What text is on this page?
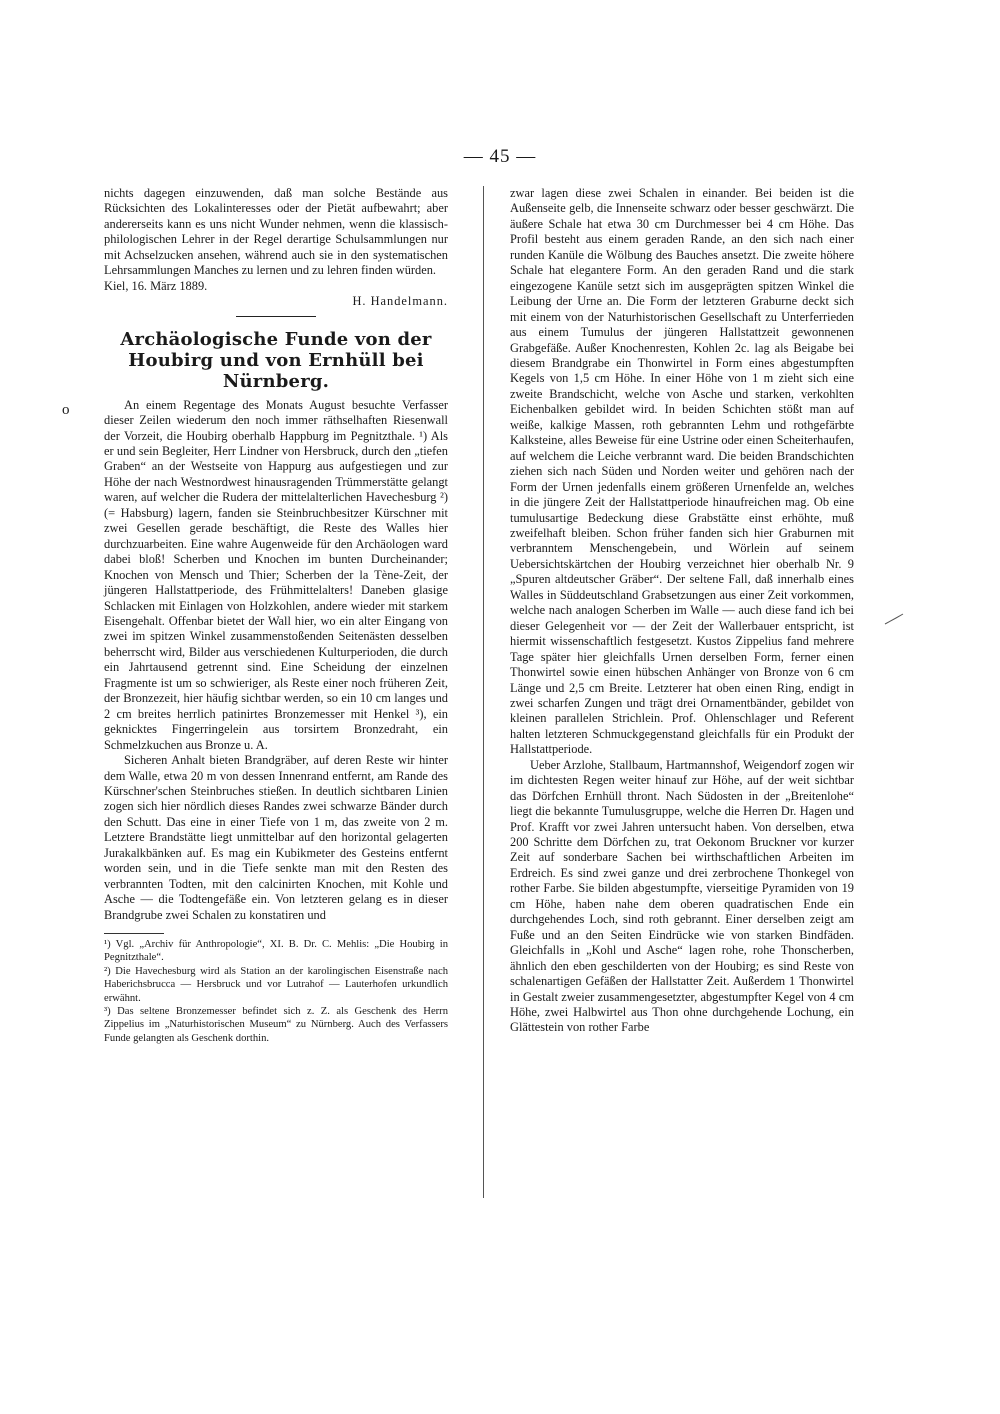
— 45 —
o

nichts dagegen einzuwenden, daß man solche Bestände aus Rücksichten des Lokalinteresses oder der Pietät aufbewahrt; aber andererseits kann es uns nicht Wunder nehmen, wenn die klassisch-philologischen Lehrer in der Regel derartige Schulsammlungen nur mit Achselzucken ansehen, während auch sie in den systematischen Lehrsammlungen Manches zu lernen und zu lehren finden würden.

Kiel, 16. März 1889.

H. Handelmann.

Archäologische Funde von der Houbirg und von Ernhüll bei Nürnberg.

An einem Regentage des Monats August besuchte Verfasser dieser Zeilen wiederum den noch immer räthselhaften Riesenwall der Vorzeit, die Houbirg oberhalb Happburg im Pegnitzthale. ¹) Als er und sein Begleiter, Herr Lindner von Hersbruck, durch den „tiefen Graben“ an der Westseite von Happurg aus aufgestiegen und zur Höhe der nach Westnordwest hinausragenden Trümmerstätte gelangt waren, auf welcher die Rudera der mittelalterlichen Havechesburg ²) (= Habsburg) lagern, fanden sie Steinbruchbesitzer Kürschner mit zwei Gesellen gerade beschäftigt, die Reste des Walles hier durchzuarbeiten. Eine wahre Augenweide für den Archäologen ward dabei bloß! Scherben und Knochen im bunten Durcheinander; Knochen von Mensch und Thier; Scherben der la Tène-Zeit, der jüngeren Hallstattperiode, des Frühmittelalters! Daneben glasige Schlacken mit Einlagen von Holzkohlen, andere wieder mit starkem Eisengehalt. Offenbar bietet der Wall hier, wo ein alter Eingang von zwei im spitzen Winkel zusammenstoßenden Seitenästen desselben beherrscht wird, Bilder aus verschiedenen Kulturperioden, die durch ein Jahrtausend getrennt sind. Eine Scheidung der einzelnen Fragmente ist um so schwieriger, als Reste einer noch früheren Zeit, der Bronzezeit, hier häufig sichtbar werden, so ein 10 cm langes und 2 cm breites herrlich patinirtes Bronzemesser mit Henkel ³), ein geknicktes Fingerringelein aus torsirtem Bronzedraht, ein Schmelzkuchen aus Bronze u. A.

Sicheren Anhalt bieten Brandgräber, auf deren Reste wir hinter dem Walle, etwa 20 m von dessen Innenrand entfernt, am Rande des Kürschner'schen Steinbruches stießen. In deutlich sichtbaren Linien zogen sich hier nördlich dieses Randes zwei schwarze Bänder durch den Schutt. Das eine in einer Tiefe von 1 m, das zweite von 2 m. Letztere Brandstätte liegt unmittelbar auf den horizontal gelagerten Jurakalkbänken auf. Es mag ein Kubikmeter des Gesteins entfernt worden sein, und in die Tiefe senkte man mit den Resten des verbrannten Todten, mit den calcinirten Knochen, mit Kohle und Asche — die Todtengefäße ein. Von letzteren gelang es in dieser Brandgrube zwei Schalen zu konstatiren und

¹) Vgl. „Archiv für Anthropologie“, XI. B. Dr. C. Mehlis: „Die Houbirg in Pegnitzthale“.

²) Die Havechesburg wird als Station an der karolingischen Eisenstraße nach Haberichsbrucca — Hersbruck und vor Lutrahof — Lauterhofen urkundlich erwähnt.

³) Das seltene Bronzemesser befindet sich z. Z. als Geschenk des Herrn Zippelius im „Naturhistorischen Museum“ zu Nürnberg. Auch des Verfassers Funde gelangten als Geschenk dorthin.

zwar lagen diese zwei Schalen in einander. Bei beiden ist die Außenseite gelb, die Innenseite schwarz oder besser geschwärzt. Die äußere Schale hat etwa 30 cm Durchmesser bei 4 cm Höhe. Das Profil besteht aus einem geraden Rande, an den sich nach einer runden Kanüle die Wölbung des Bauches ansetzt. Die zweite höhere Schale hat elegantere Form. An den geraden Rand und die stark eingezogene Kanüle setzt sich im ausgeprägten spitzen Winkel die Leibung der Urne an. Die Form der letzteren Graburne deckt sich mit einem von der Naturhistorischen Gesellschaft zu Unterferrieden aus einem Tumulus der jüngeren Hallstattzeit gewonnenen Grabgefäße. Außer Knochenresten, Kohlen 2c. lag als Beigabe bei diesem Brandgrabe ein Thonwirtel in Form eines abgestumpften Kegels von 1,5 cm Höhe. In einer Höhe von 1 m zieht sich eine zweite Brandschicht, welche von Asche und starken, verkohlten Eichenbalken gebildet wird. In beiden Schichten stößt man auf weiße, kalkige Massen, roth gebrannten Lehm und rothgefärbte Kalksteine, alles Beweise für eine Ustrine oder einen Scheiterhaufen, auf welchem die Leiche verbrannt ward. Die beiden Brandschichten ziehen sich nach Süden und Norden weiter und gehören nach der Form der Urnen jedenfalls einem größeren Urnenfelde an, welches in die jüngere Zeit der Hallstattperiode hinaufreichen mag. Ob eine tumulusartige Bedeckung diese Grabstätte einst erhöhte, muß zweifelhaft bleiben. Schon früher fanden sich hier Graburnen mit verbranntem Menschengebein, und Wörlein auf seinem Uebersichtskärtchen der Houbirg verzeichnet hier oberhalb Nr. 9 „Spuren altdeutscher Gräber“. Der seltene Fall, daß innerhalb eines Walles in Süddeutschland Grabsetzungen aus einer Zeit vorkommen, welche nach analogen Scherben im Walle — auch diese fand ich bei dieser Gelegenheit vor — der Zeit der Wallerbauer entspricht, ist hiermit wissenschaftlich festgesetzt. Kustos Zippelius fand mehrere Tage später hier gleichfalls Urnen derselben Form, ferner einen Thonwirtel sowie einen hübschen Anhänger von Bronze von 6 cm Länge und 2,5 cm Breite. Letzterer hat oben einen Ring, endigt in zwei scharfen Zungen und trägt drei Ornamentbänder, gebildet von kleinen parallelen Strichlein. Prof. Ohlenschlager und Referent halten letzteren Schmuckgegenstand gleichfalls für ein Produkt der Hallstattperiode.

Ueber Arzlohe, Stallbaum, Hartmannshof, Weigendorf zogen wir im dichtesten Regen weiter hinauf zur Höhe, auf der weit sichtbar das Dörfchen Ernhüll thront. Nach Südosten in der „Breitenlohe“ liegt die bekannte Tumulusgruppe, welche die Herren Dr. Hagen und Prof. Krafft vor zwei Jahren untersucht haben. Von derselben, etwa 200 Schritte dem Dörfchen zu, trat Oekonom Bruckner vor kurzer Zeit auf sonderbare Sachen bei wirthschaftlichen Arbeiten im Erdreich. Es sind zwei ganze und drei zerbrochene Thonkegel von rother Farbe. Sie bilden abgestumpfte, vierseitige Pyramiden von 19 cm Höhe, haben nahe dem oberen quadratischen Ende ein durchgehendes Loch, sind roth gebrannt. Einer derselben zeigt am Fuße und an den Seiten Eindrücke wie von starken Bindfäden. Gleichfalls in „Kohl und Asche“ lagen rohe, rohe Thonscherben, ähnlich den eben geschilderten von der Houbirg; es sind Reste von schalenartigen Gefäßen der Hallstatter Zeit. Außerdem 1 Thonwirtel in Gestalt zweier zusammengesetzter, abgestumpfter Kegel von 4 cm Höhe, zwei Halbwirtel aus Thon ohne durchgehende Lochung, ein Glättestein von rother Farbe
